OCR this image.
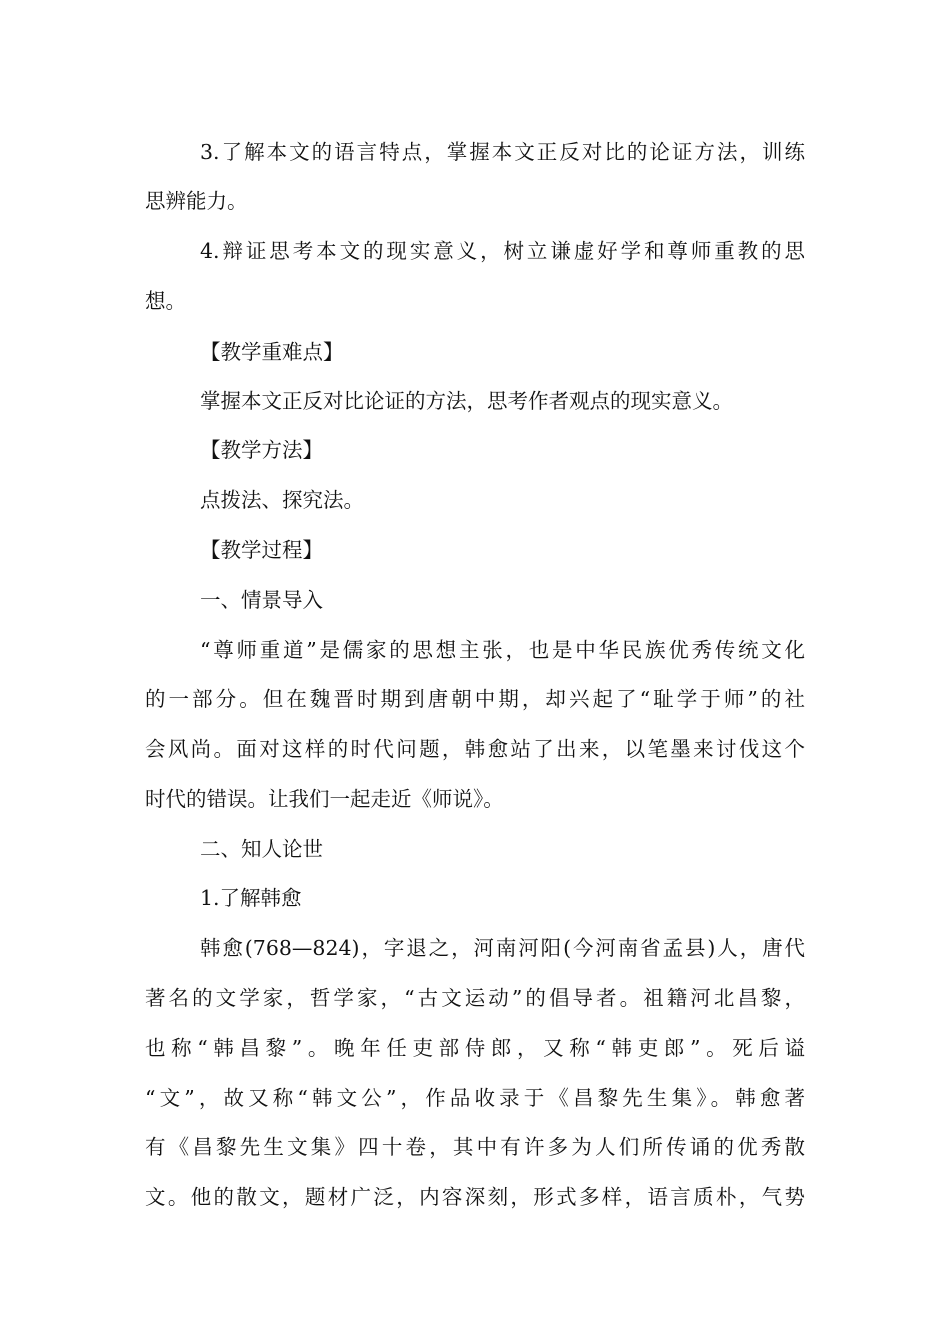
3.了解本文的语言特点，掌握本文正反对比的论证方法，训练
思辨能力。
4.辩证思考本文的现实意义，树立谦虚好学和尊师重教的思
想。
【教学重难点】
掌握本文正反对比论证的方法，思考作者观点的现实意义。
【教学方法】
点拨法、探究法。
【教学过程】
一、情景导入
“尊师重道”是儒家的思想主张，也是中华民族优秀传统文化
的一部分。但在魏晋时期到唐朝中期，却兴起了“耻学于师”的社
会风尚。面对这样的时代问题，韩愈站了出来，以笔墨来讨伐这个
时代的错误。让我们一起走近《师说》。
二、知人论世
1.了解韩愈
韩愈(768—824)，字退之，河南河阳(今河南省孟县)人，唐代
著名的文学家，哲学家，“古文运动”的倡导者。祖籍河北昌黎，
也称“韩昌黎”。晚年任吏部侍郎，又称“韩吏郎”。死后谥
“文”，故又称“韩文公”，作品收录于《昌黎先生集》。韩愈著
有《昌黎先生文集》四十卷，其中有许多为人们所传诵的优秀散
文。他的散文，题材广泛，内容深刻，形式多样，语言质朴，气势
